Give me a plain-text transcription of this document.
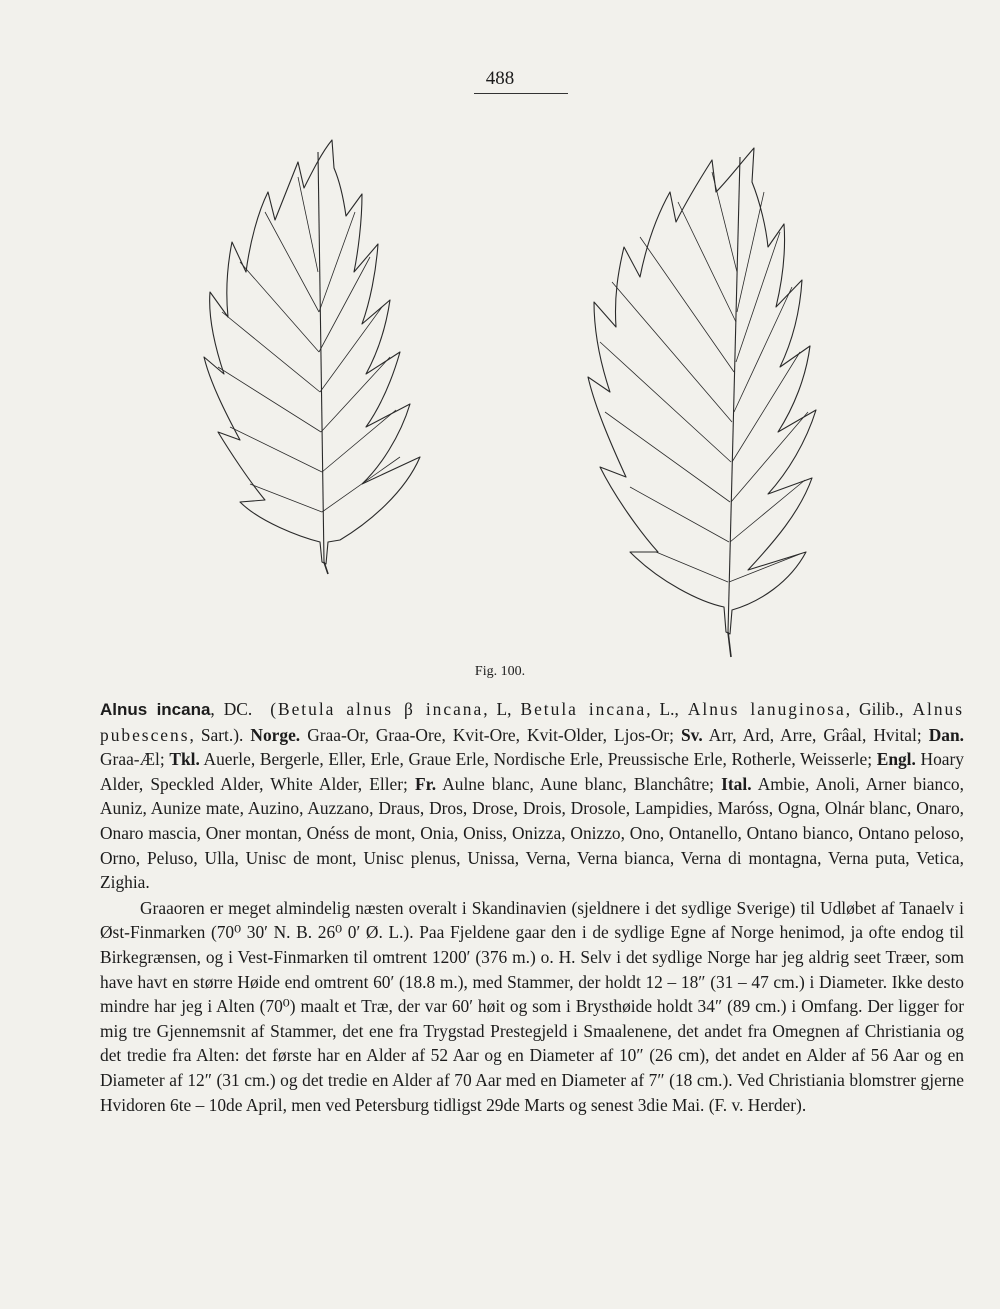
488
Fig. 100.

Alnus incana, DC. (Betula alnus β incana, L, Betula incana, L., Alnus lanuginosa, Gilib., Alnus pubescens, Sart.). Norge. Graa-Or, Graa-Ore, Kvit-Ore, Kvit-Older, Ljos-Or; Sv. Arr, Ard, Arre, Grâal, Hvital; Dan. Graa-Æl; Tkl. Auerle, Bergerle, Eller, Erle, Graue Erle, Nordische Erle, Preussische Erle, Rotherle, Weisserle; Engl. Hoary Alder, Speckled Alder, White Alder, Eller; Fr. Aulne blanc, Aune blanc, Blanchâtre; Ital. Ambie, Anoli, Arner bianco, Auniz, Aunize mate, Auzino, Auzzano, Draus, Dros, Drose, Drois, Drosole, Lampidies, Maróss, Ogna, Olnár blanc, Onaro, Onaro mascia, Oner montan, Onéss de mont, Onia, Oniss, Onizza, Onizzo, Ono, Ontanello, Ontano bianco, Ontano peloso, Orno, Peluso, Ulla, Unisc de mont, Unisc plenus, Unissa, Verna, Verna bianca, Verna di montagna, Verna puta, Vetica, Zighia.

Graaoren er meget almindelig næsten overalt i Skandinavien (sjeldnere i det sydlige Sverige) til Udløbet af Tanaelv i Øst-Finmarken (70⁰ 30′ N. B. 26⁰ 0′ Ø. L.). Paa Fjeldene gaar den i de sydlige Egne af Norge henimod, ja ofte endog til Birkegrænsen, og i Vest-Finmarken til omtrent 1200′ (376 m.) o. H. Selv i det sydlige Norge har jeg aldrig seet Træer, som have havt en større Høide end omtrent 60′ (18.8 m.), med Stammer, der holdt 12 – 18″ (31 – 47 cm.) i Diameter. Ikke desto mindre har jeg i Alten (70⁰) maalt et Træ, der var 60′ høit og som i Brysthøide holdt 34″ (89 cm.) i Omfang. Der ligger for mig tre Gjennemsnit af Stammer, det ene fra Trygstad Prestegjeld i Smaalenene, det andet fra Omegnen af Christiania og det tredie fra Alten: det første har en Alder af 52 Aar og en Diameter af 10″ (26 cm), det andet en Alder af 56 Aar og en Diameter af 12″ (31 cm.) og det tredie en Alder af 70 Aar med en Diameter af 7″ (18 cm.). Ved Christiania blomstrer gjerne Hvidoren 6te – 10de April, men ved Petersburg tidligst 29de Marts og senest 3die Mai. (F. v. Herder).
